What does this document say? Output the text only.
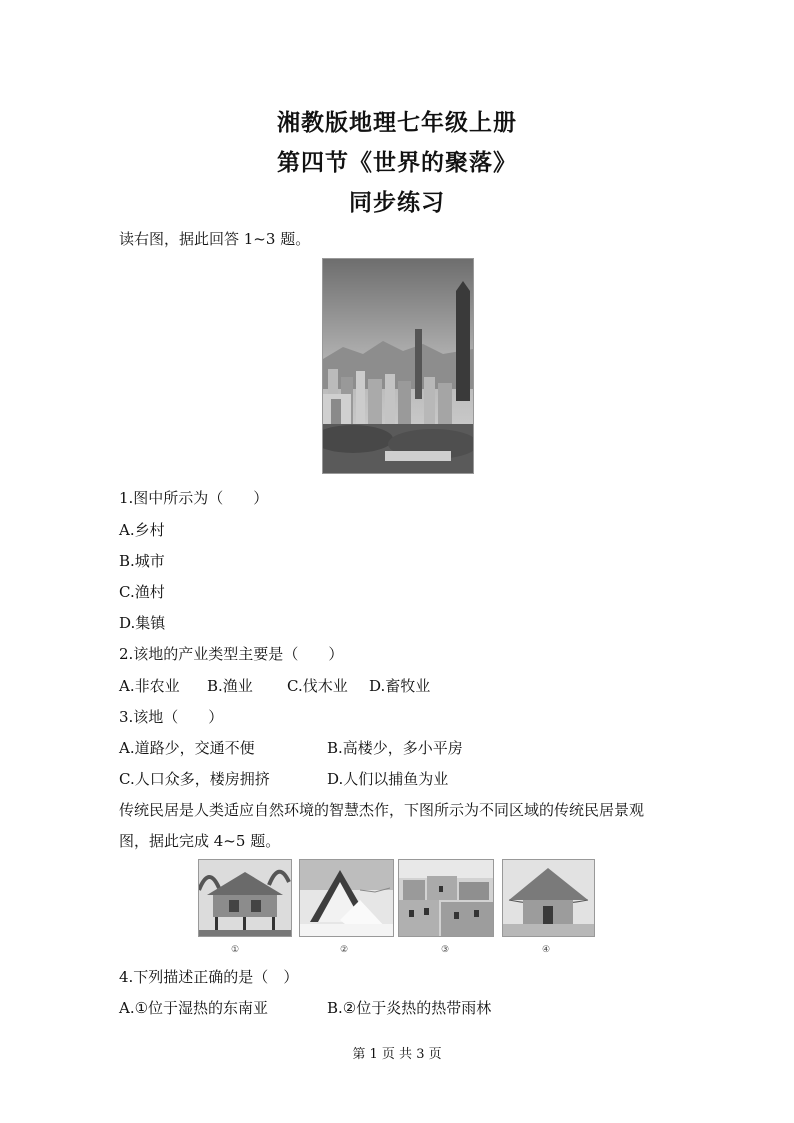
湘教版地理七年级上册
第四节《世界的聚落》
同步练习
读右图，据此回答 1~3 题。
1.图中所示为（　　）
A.乡村
B.城市
C.渔村
D.集镇
2.该地的产业类型主要是（　　）
A.非农业 B.渔业 C.伐木业 D.畜牧业
3.该地（　　）
A.道路少，交通不便	B.高楼少，多小平房
C.人口众多，楼房拥挤	D.人们以捕鱼为业
传统民居是人类适应自然环境的智慧杰作，下图所示为不同区域的传统民居景观
图，据此完成 4~5 题。
①	②	③	④
4.下列描述正确的是（　）
A.①位于湿热的东南亚	B.②位于炎热的热带雨林
第 1 页 共 3 页
